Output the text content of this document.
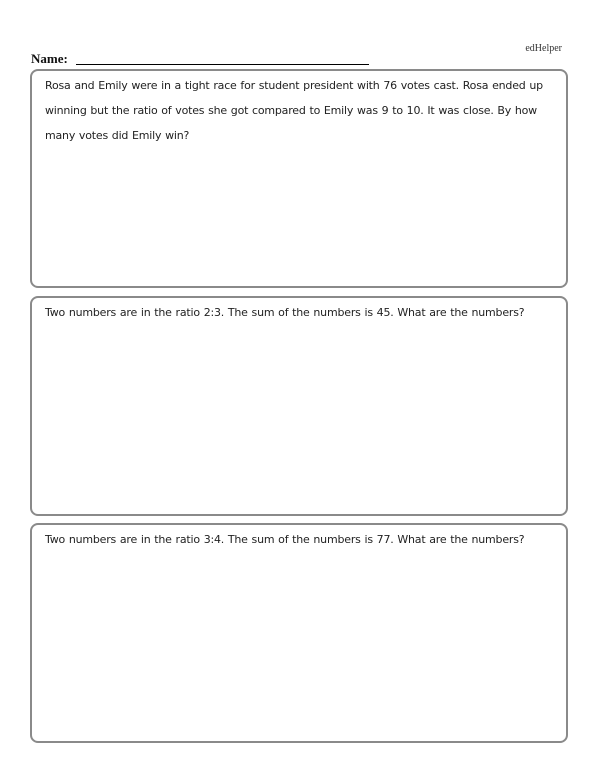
edHelper
Name:

Rosa and Emily were in a tight race for student president with 76 votes cast. Rosa ended up winning but the ratio of votes she got compared to Emily was 9 to 10. It was close. By how many votes did Emily win?

Two numbers are in the ratio 2:3. The sum of the numbers is 45. What are the numbers?

Two numbers are in the ratio 3:4. The sum of the numbers is 77. What are the numbers?
